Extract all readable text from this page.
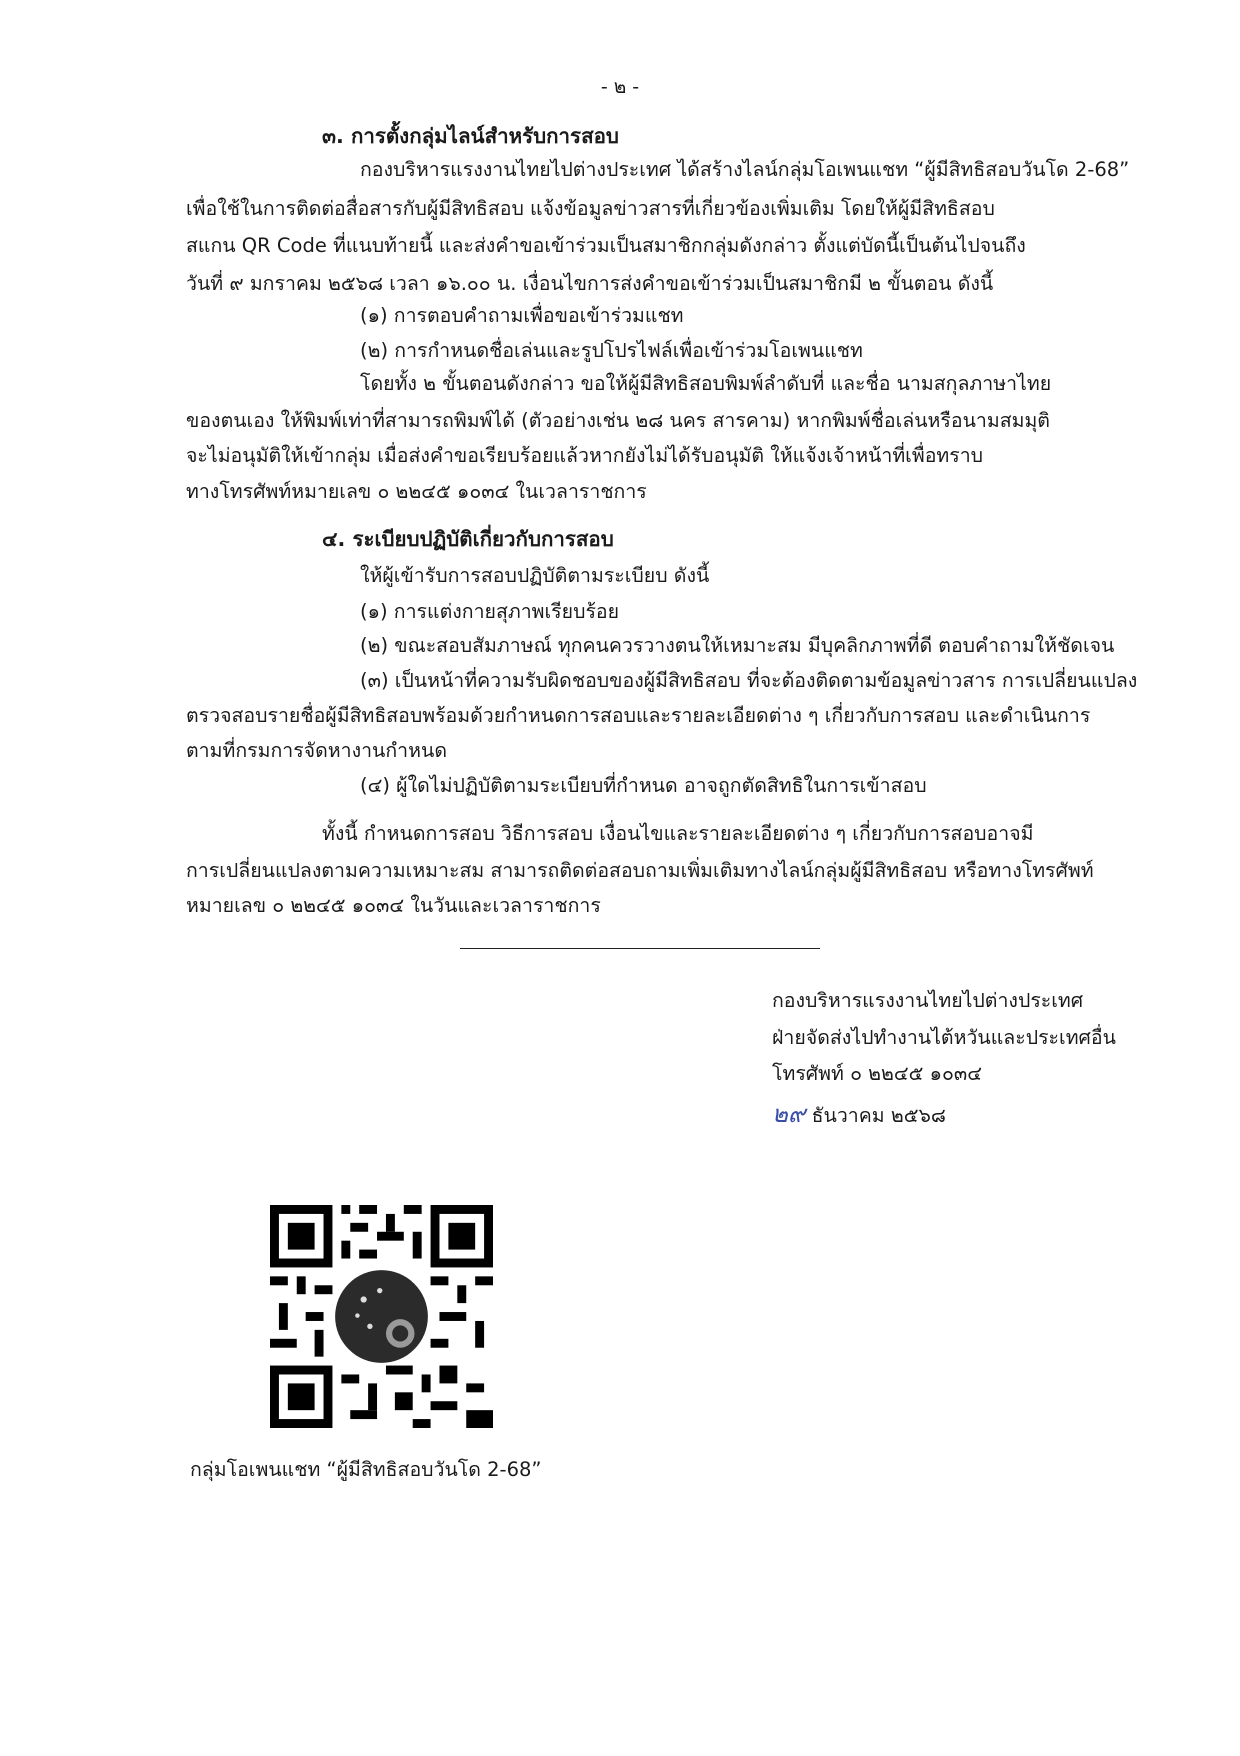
- ๒ -
๓. การตั้งกลุ่มไลน์สำหรับการสอบ
กองบริหารแรงงานไทยไปต่างประเทศ ได้สร้างไลน์กลุ่มโอเพนแชท “ผู้มีสิทธิสอบวันโด 2-68”
เพื่อใช้ในการติดต่อสื่อสารกับผู้มีสิทธิสอบ แจ้งข้อมูลข่าวสารที่เกี่ยวข้องเพิ่มเติม โดยให้ผู้มีสิทธิสอบ
สแกน QR Code ที่แนบท้ายนี้ และส่งคำขอเข้าร่วมเป็นสมาชิกกลุ่มดังกล่าว ตั้งแต่บัดนี้เป็นต้นไปจนถึง
วันที่ ๙ มกราคม ๒๕๖๘ เวลา ๑๖.๐๐ น. เงื่อนไขการส่งคำขอเข้าร่วมเป็นสมาชิกมี ๒ ขั้นตอน ดังนี้
(๑) การตอบคำถามเพื่อขอเข้าร่วมแชท
(๒) การกำหนดชื่อเล่นและรูปโปรไฟล์เพื่อเข้าร่วมโอเพนแชท
โดยทั้ง ๒ ขั้นตอนดังกล่าว ขอให้ผู้มีสิทธิสอบพิมพ์ลำดับที่ และชื่อ นามสกุลภาษาไทย
ของตนเอง ให้พิมพ์เท่าที่สามารถพิมพ์ได้ (ตัวอย่างเช่น ๒๘ นคร สารคาม) หากพิมพ์ชื่อเล่นหรือนามสมมุติ
จะไม่อนุมัติให้เข้ากลุ่ม เมื่อส่งคำขอเรียบร้อยแล้วหากยังไม่ได้รับอนุมัติ ให้แจ้งเจ้าหน้าที่เพื่อทราบ
ทางโทรศัพท์หมายเลข ๐ ๒๒๔๕ ๑๐๓๔ ในเวลาราชการ
๔. ระเบียบปฏิบัติเกี่ยวกับการสอบ
ให้ผู้เข้ารับการสอบปฏิบัติตามระเบียบ ดังนี้
(๑) การแต่งกายสุภาพเรียบร้อย
(๒) ขณะสอบสัมภาษณ์ ทุกคนควรวางตนให้เหมาะสม มีบุคลิกภาพที่ดี ตอบคำถามให้ชัดเจน
(๓) เป็นหน้าที่ความรับผิดชอบของผู้มีสิทธิสอบ ที่จะต้องติดตามข้อมูลข่าวสาร การเปลี่ยนแปลง
ตรวจสอบรายชื่อผู้มีสิทธิสอบพร้อมด้วยกำหนดการสอบและรายละเอียดต่าง ๆ เกี่ยวกับการสอบ และดำเนินการ
ตามที่กรมการจัดหางานกำหนด
(๔) ผู้ใดไม่ปฏิบัติตามระเบียบที่กำหนด อาจถูกตัดสิทธิในการเข้าสอบ
ทั้งนี้ กำหนดการสอบ วิธีการสอบ เงื่อนไขและรายละเอียดต่าง ๆ เกี่ยวกับการสอบอาจมี
การเปลี่ยนแปลงตามความเหมาะสม สามารถติดต่อสอบถามเพิ่มเติมทางไลน์กลุ่มผู้มีสิทธิสอบ หรือทางโทรศัพท์
หมายเลข ๐ ๒๒๔๕ ๑๐๓๔ ในวันและเวลาราชการ
กองบริหารแรงงานไทยไปต่างประเทศ
ฝ่ายจัดส่งไปทำงานไต้หวันและประเทศอื่น
โทรศัพท์ ๐ ๒๒๔๕ ๑๐๓๔
๒๙ ธันวาคม ๒๕๖๘
กลุ่มโอเพนแชท “ผู้มีสิทธิสอบวันโด 2-68”
